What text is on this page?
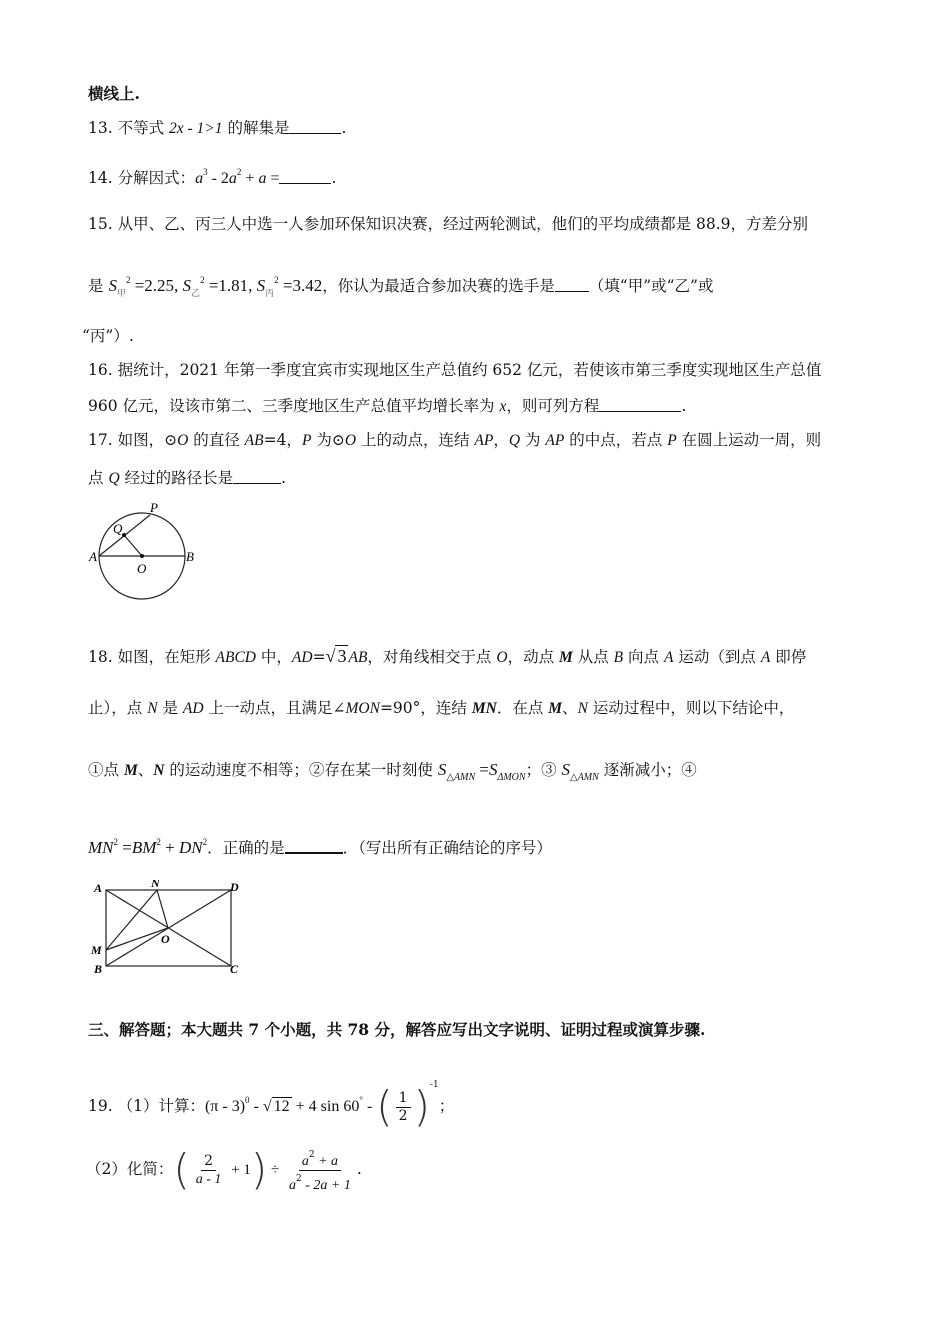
横线上.
13. 不等式 2x - 1>1 的解集是	.
14. 分解因式：$a^3 - 2a^2 + a$ =	.
15. 从甲、乙、丙三人中选一人参加环保知识决赛，经过两轮测试，他们的平均成绩都是 88.9，方差分别
是 $S_甲^2 =2.25$, $S_乙^2 =1.81$, $S_丙^2 =3.42$，你认为最适合参加决赛的选手是 （填“甲”或“乙”或
“丙”）.
16. 据统计，2021 年第一季度宜宾市实现地区生产总值约 652 亿元，若使该市第三季度实现地区生产总值
960 亿元，设该市第二、三季度地区生产总值平均增长率为 x，则可列方程	.
17. 如图，⊙O 的直径 AB=4，P 为⊙O 上的动点，连结 AP，Q 为 AP 的中点，若点 P 在圆上运动一周，则
点 Q 经过的路径长是	.
A	B
O
P
Q
18. 如图，在矩形 ABCD 中，AD=√ 3 AB，对角线相交于点 O，动点 M 从点 B 向点 A 运动（到点 A 即停
止），点 N 是 AD 上一动点，且满足∠MON=90°，连结 MN．在点 M、N 运动过程中，则以下结论中，
①点 M、N 的运动速度不相等；②存在某一时刻使 $S_{\triangle AMN} =S_{\Delta MON}$；③ $S_{\triangle AMN}$ 逐渐减小；④
$MN^2 =BM^2 + DN^2$．正确的是	．（写出所有正确结论的序号）
A	N	D
M
O
B	C
三、解答题；本大题共 7 个小题，共 78 分，解答应写出文字说明、证明过程或演算步骤.
19. （1）计算：(π - 3)$^0$ - √ 12 + 4 sin 60° - ( $\frac{1}{2} )^{-1}$；
（2）化简：( $\frac{2}{a - 1} + 1) \div \frac{a^2 + a}{a^2 - 2a + 1}$ .
